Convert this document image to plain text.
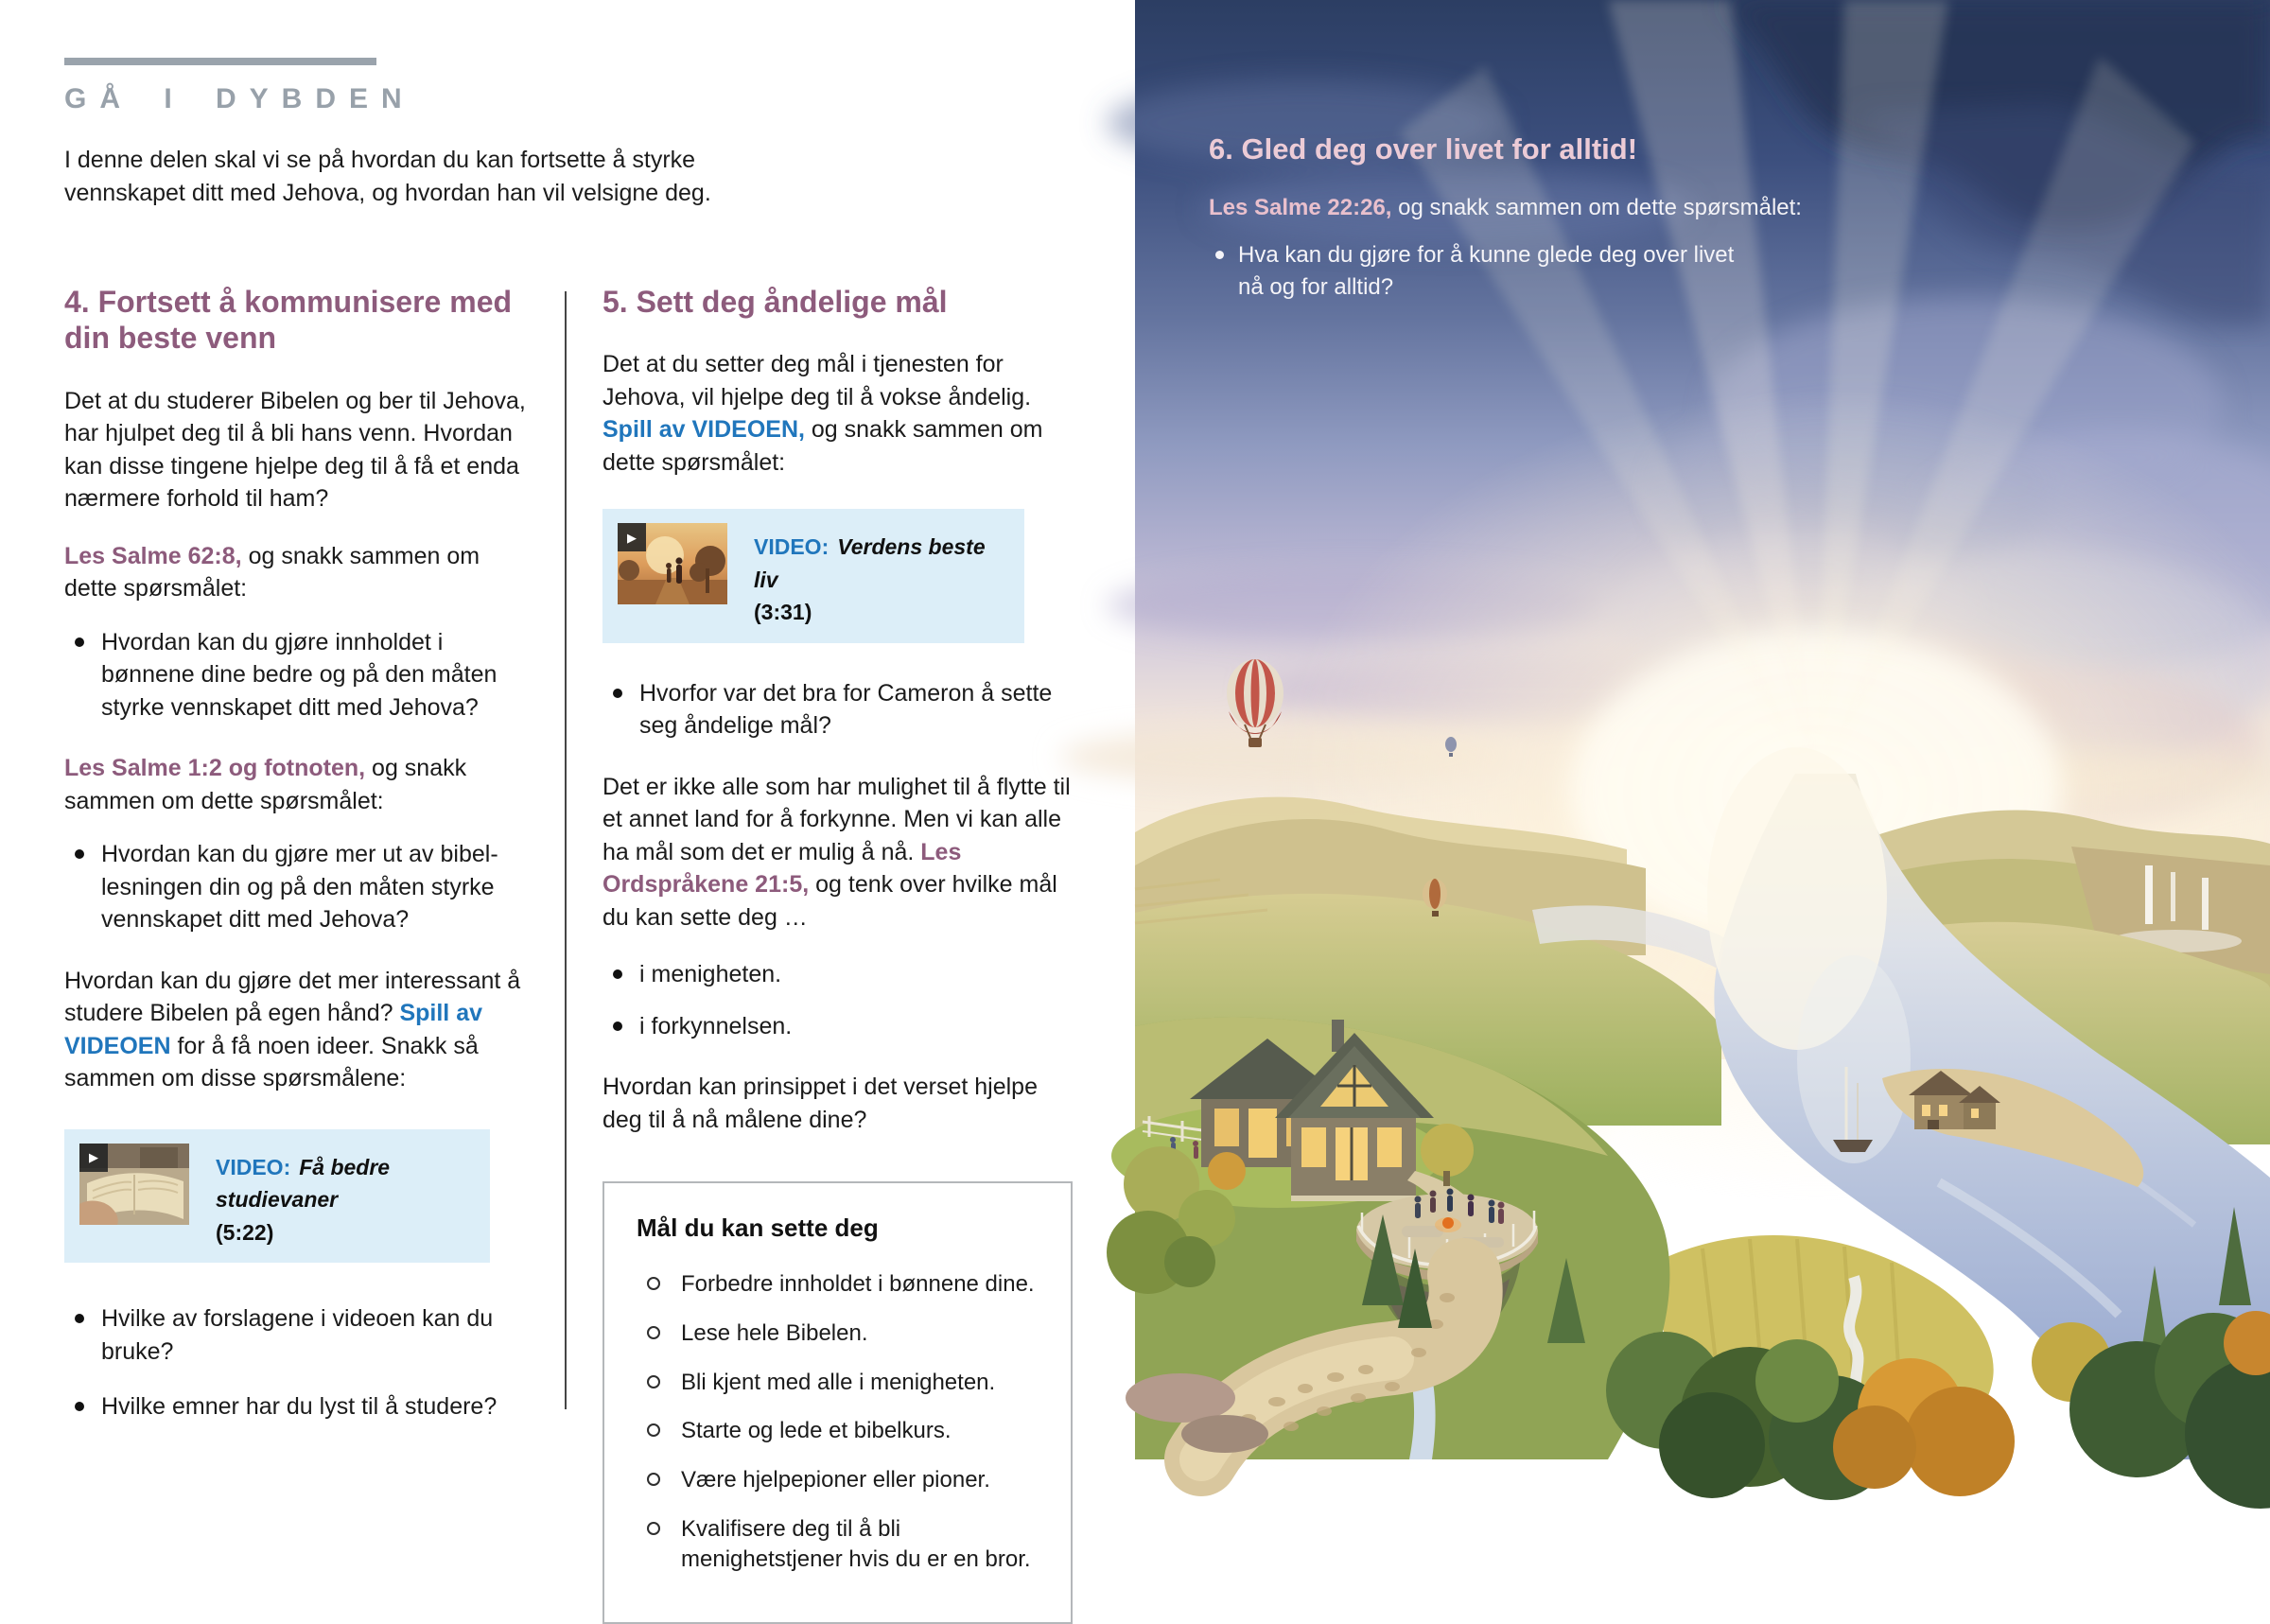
GÅ I DYBDEN

I denne delen skal vi se på hvordan du kan fortsette å styrke vennskapet ditt med Jehova, og hvordan han vil velsigne deg.

4. Fortsett å kommunisere med din beste venn

Det at du studerer Bibelen og ber til Jehova, har hjulpet deg til å bli hans venn. Hvordan kan disse tingene hjelpe deg til å få et enda nærmere forhold til ham?

Les Salme 62:8, og snakk sammen om dette spørsmålet:

Hvordan kan du gjøre innholdet i bønnene dine bedre og på den måten styrke vennskapet ditt med Jehova?

Les Salme 1:2 og fotnoten, og snakk sammen om dette spørsmålet:

Hvordan kan du gjøre mer ut av bibellesningen din og på den måten styrke vennskapet ditt med Jehova?

Hvordan kan du gjøre det mer interessant å studere Bibelen på egen hånd? Spill av VIDEOEN for å få noen ideer. Snakk så sammen om disse spørsmålene:

▶	VIDEO: Få bedre studievaner
(5:22)
Hvilke av forslagene i videoen kan du bruke?
Hvilke emner har du lyst til å studere?
5. Sett deg åndelige mål

Det at du setter deg mål i tjenesten for Jehova, vil hjelpe deg til å vokse åndelig. Spill av VIDEOEN, og snakk sammen om dette spørsmålet:

▶	VIDEO: Verdens beste liv
(3:31)
Hvorfor var det bra for Cameron å sette seg åndelige mål?

Det er ikke alle som har mulighet til å flytte til et annet land for å forkynne. Men vi kan alle ha mål som det er mulig å nå. Les Ordspråkene 21:5, og tenk over hvilke mål du kan sette deg …

i menigheten.
i forkynnelsen.

Hvordan kan prinsippet i det verset hjelpe deg til å nå målene dine?

Mål du kan sette deg
Forbedre innholdet i bønnene dine.
Lese hele Bibelen.
Bli kjent med alle i menigheten.
Starte og lede et bibelkurs.
Være hjelpepioner eller pioner.
Kvalifisere deg til å bli menighetstjener hvis du er en bror.
6. Gled deg over livet for alltid!

Les Salme 22:26, og snakk sammen om dette spørsmålet:

Hva kan du gjøre for å kunne glede deg over livet nå og for alltid?
